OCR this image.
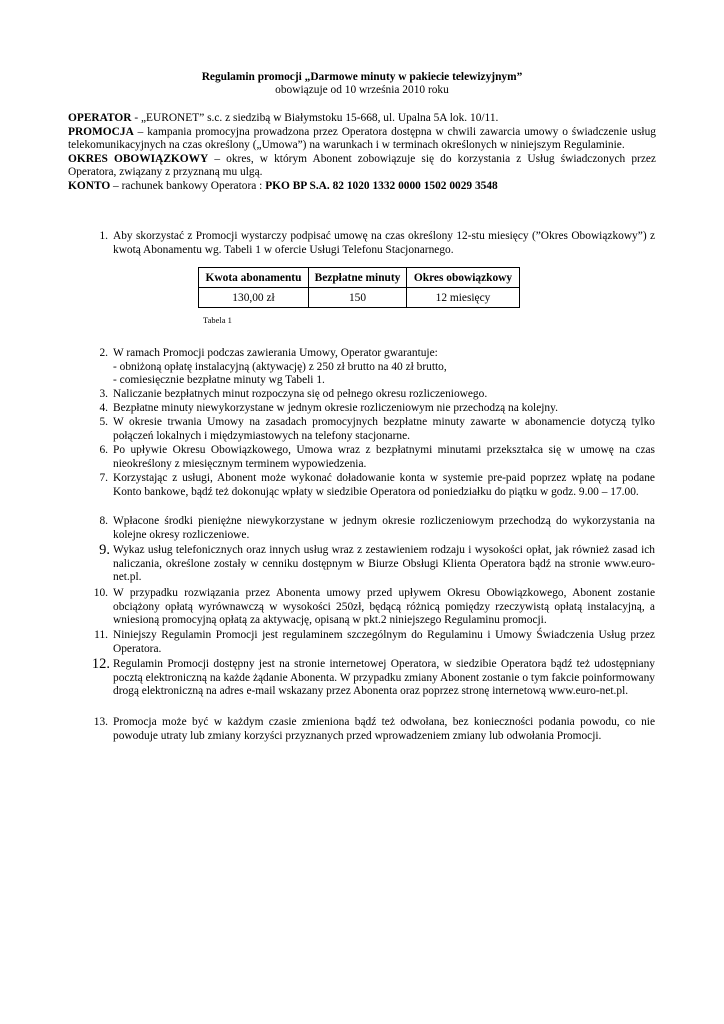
Regulamin promocji „Darmowe minuty w pakiecie telewizyjnym”
obowiązuje od 10 września 2010 roku

OPERATOR - „EURONET” s.c. z siedzibą w Białymstoku 15-668, ul. Upalna 5A lok. 10/11.

PROMOCJA – kampania promocyjna prowadzona przez Operatora dostępna w chwili zawarcia umowy o świadczenie usług telekomunikacyjnych na czas określony („Umowa”) na warunkach i w terminach określonych w niniejszym Regulaminie.

OKRES OBOWIĄZKOWY – okres, w którym Abonent zobowiązuje się do korzystania z Usług świadczonych przez Operatora, związany z przyznaną mu ulgą.

KONTO – rachunek bankowy Operatora : PKO BP S.A. 82 1020 1332 0000 1502 0029 3548

1. Aby skorzystać z Promocji wystarczy podpisać umowę na czas określony 12-stu miesięcy (”Okres Obowiązkowy”) z kwotą Abonamentu wg. Tabeli 1 w ofercie Usługi Telefonu Stacjonarnego.

Kwota abonamentu	Bezpłatne minuty	Okres obowiązkowy
130,00 zł	150	12 miesięcy
Tabela 1
2. W ramach Promocji podczas zawierania Umowy, Operator gwarantuje:

- obniżoną opłatę instalacyjną (aktywację) z 250 zł brutto na 40 zł brutto,

- comiesięcznie bezpłatne minuty wg Tabeli 1.

3. Naliczanie bezpłatnych minut rozpoczyna się od pełnego okresu rozliczeniowego.

4. Bezpłatne minuty niewykorzystane w jednym okresie rozliczeniowym nie przechodzą na kolejny.

5. W okresie trwania Umowy na zasadach promocyjnych bezpłatne minuty zawarte w abonamencie dotyczą tylko połączeń lokalnych i międzymiastowych na telefony stacjonarne.

6. Po upływie Okresu Obowiązkowego, Umowa wraz z bezpłatnymi minutami przekształca się w umowę na czas nieokreślony z miesięcznym terminem wypowiedzenia.

7. Korzystając z usługi, Abonent może wykonać doładowanie konta w systemie pre-paid poprzez wpłatę na podane Konto bankowe, bądź też dokonując wpłaty w siedzibie Operatora od poniedziałku do piątku w godz. 9.00 – 17.00.

8. Wpłacone środki pieniężne niewykorzystane w jednym okresie rozliczeniowym przechodzą do wykorzystania na kolejne okresy rozliczeniowe.

9. Wykaz usług telefonicznych oraz innych usług wraz z zestawieniem rodzaju i wysokości opłat, jak również zasad ich naliczania, określone zostały w cenniku dostępnym w Biurze Obsługi Klienta Operatora bądź na stronie www.euro-net.pl.

10. W przypadku rozwiązania przez Abonenta umowy przed upływem Okresu Obowiązkowego, Abonent zostanie obciążony opłatą wyrównawczą w wysokości 250zł, będącą różnicą pomiędzy rzeczywistą opłatą instalacyjną, a wniesioną promocyjną opłatą za aktywację, opisaną w pkt.2 niniejszego Regulaminu promocji.

11. Niniejszy Regulamin Promocji jest regulaminem szczególnym do Regulaminu i Umowy Świadczenia Usług przez Operatora.

12. Regulamin Promocji dostępny jest na stronie internetowej Operatora, w siedzibie Operatora bądź też udostępniany pocztą elektroniczną na każde żądanie Abonenta. W przypadku zmiany Abonent zostanie o tym fakcie poinformowany drogą elektroniczną na adres e-mail wskazany przez Abonenta oraz poprzez stronę internetową www.euro-net.pl.

13. Promocja może być w każdym czasie zmieniona bądź też odwołana, bez konieczności podania powodu, co nie powoduje utraty lub zmiany korzyści przyznanych przed wprowadzeniem zmiany lub odwołania Promocji.
